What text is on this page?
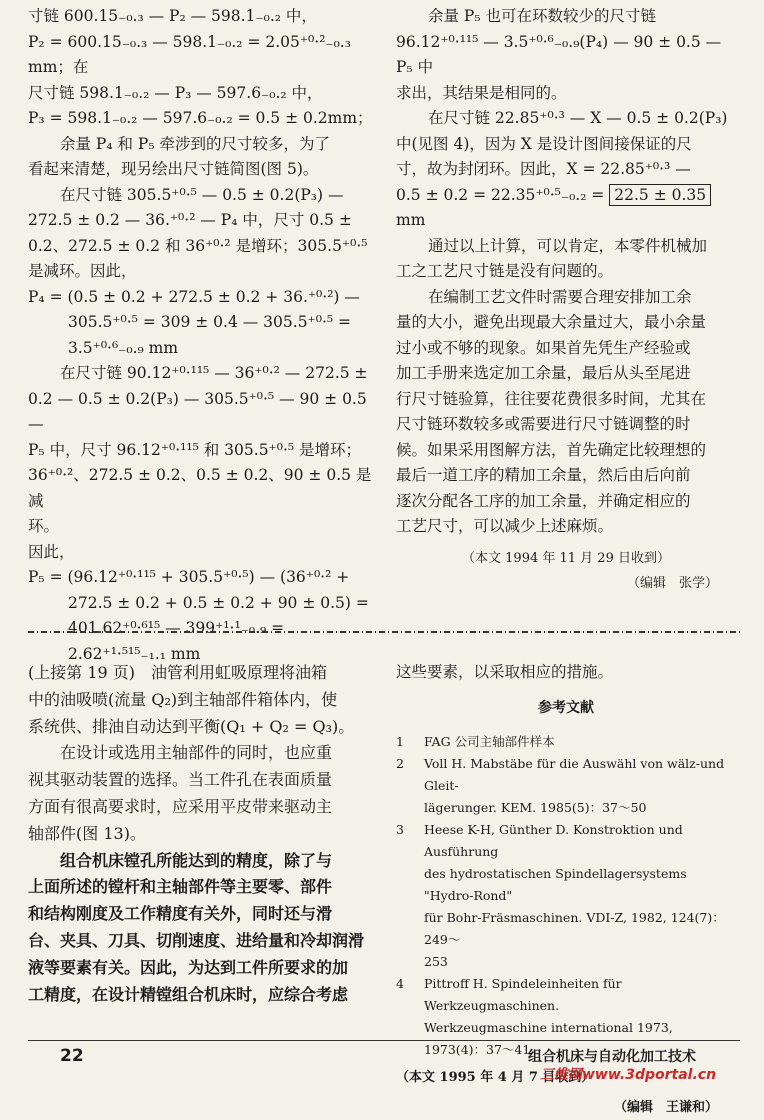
寸链 600.15₋₀.₃ — P₂ — 598.1₋₀.₂ 中，

P₂ = 600.15₋₀.₃ — 598.1₋₀.₂ = 2.05⁺⁰·²₋₀.₃ mm；在

尺寸链 598.1₋₀.₂ — P₃ — 597.6₋₀.₂ 中，

P₃ = 598.1₋₀.₂ — 597.6₋₀.₂ = 0.5 ± 0.2mm；

余量 P₄ 和 P₅ 牵涉到的尺寸较多，为了

看起来清楚，现另绘出尺寸链简图(图 5)。

在尺寸链 305.5⁺⁰·⁵ — 0.5 ± 0.2(P₃) —

272.5 ± 0.2 — 36.⁺⁰·² — P₄ 中，尺寸 0.5 ±

0.2、272.5 ± 0.2 和 36⁺⁰·² 是增环；305.5⁺⁰·⁵

是减环。因此，

P₄ = (0.5 ± 0.2 + 272.5 ± 0.2 + 36.⁺⁰·²) —

305.5⁺⁰·⁵ = 309 ± 0.4 — 305.5⁺⁰·⁵ =

3.5⁺⁰·⁶₋₀.₉ mm

在尺寸链 90.12⁺⁰·¹¹⁵ — 36⁺⁰·² — 272.5 ±

0.2 — 0.5 ± 0.2(P₃) — 305.5⁺⁰·⁵ — 90 ± 0.5 —

P₅ 中，尺寸 96.12⁺⁰·¹¹⁵ 和 305.5⁺⁰·⁵ 是增环；

36⁺⁰·²、272.5 ± 0.2、0.5 ± 0.2、90 ± 0.5 是减

环。

因此，

P₅ = (96.12⁺⁰·¹¹⁵ + 305.5⁺⁰·⁵) — (36⁺⁰·² +

272.5 ± 0.2 + 0.5 ± 0.2 + 90 ± 0.5) =

401.62⁺⁰·⁶¹⁵ — 399⁺¹·¹₋₀.₉ = 2.62⁺¹·⁵¹⁵₋₁.₁ mm

余量 P₅ 也可在环数较少的尺寸链

96.12⁺⁰·¹¹⁵ — 3.5⁺⁰·⁶₋₀.₉(P₄) — 90 ± 0.5 — P₅ 中

求出，其结果是相同的。

在尺寸链 22.85⁺⁰·³ — X — 0.5 ± 0.2(P₃)

中(见图 4)，因为 X 是设计图间接保证的尺

寸，故为封闭环。因此，X = 22.85⁺⁰·³ —

0.5 ± 0.2 = 22.35⁺⁰·⁵₋₀.₂ = 22.5 ± 0.35 mm

通过以上计算，可以肯定，本零件机械加

工之工艺尺寸链是没有问题的。

在编制工艺文件时需要合理安排加工余

量的大小，避免出现最大余量过大，最小余量

过小或不够的现象。如果首先凭生产经验或

加工手册来选定加工余量，最后从头至尾进

行尺寸链验算，往往要花费很多时间，尤其在

尺寸链环数较多或需要进行尺寸链调整的时

候。如果采用图解方法，首先确定比较理想的

最后一道工序的精加工余量，然后由后向前

逐次分配各工序的加工余量，并确定相应的

工艺尺寸，可以减少上述麻烦。

（本文 1994 年 11 月 29 日收到）

（编辑　张学）

(上接第 19 页)　油管利用虹吸原理将油箱

中的油吸喷(流量 Q₂)到主轴部件箱体内，使

系统供、排油自动达到平衡(Q₁ + Q₂ = Q₃)。

在设计或选用主轴部件的同时，也应重

视其驱动装置的选择。当工件孔在表面质量

方面有很高要求时，应采用平皮带来驱动主

轴部件(图 13)。

组合机床镗孔所能达到的精度，除了与

上面所述的镗杆和主轴部件等主要零、部件

和结构刚度及工作精度有关外，同时还与滑

台、夹具、刀具、切削速度、进给量和冷却润滑

液等要素有关。因此，为达到工件所要求的加

工精度，在设计精镗组合机床时，应综合考虑

这些要素，以采取相应的措施。

参考文献

1	FAG 公司主轴部件样本
2	Voll H. Mabstäbe für die Auswähl von wälz-und Gleit-
lägerunger. KEM. 1985(5)：37～50
3	Heese K-H, Günther D. Konstroktion und Ausführung
des hydrostatischen Spindellagersystems "Hydro-Rond"
für Bohr-Fräsmaschinen. VDI-Z, 1982, 124(7)：249～
253
4	Pittroff H. Spindeleinheiten für Werkzeugmaschinen.
Werkzeugmaschine international 1973, 1973(4)：37～41

（本文 1995 年 4 月 7 日收到）

（编辑　王谦和）

22	组合机床与自动化加工技术
三维网www.3dportal.cn
